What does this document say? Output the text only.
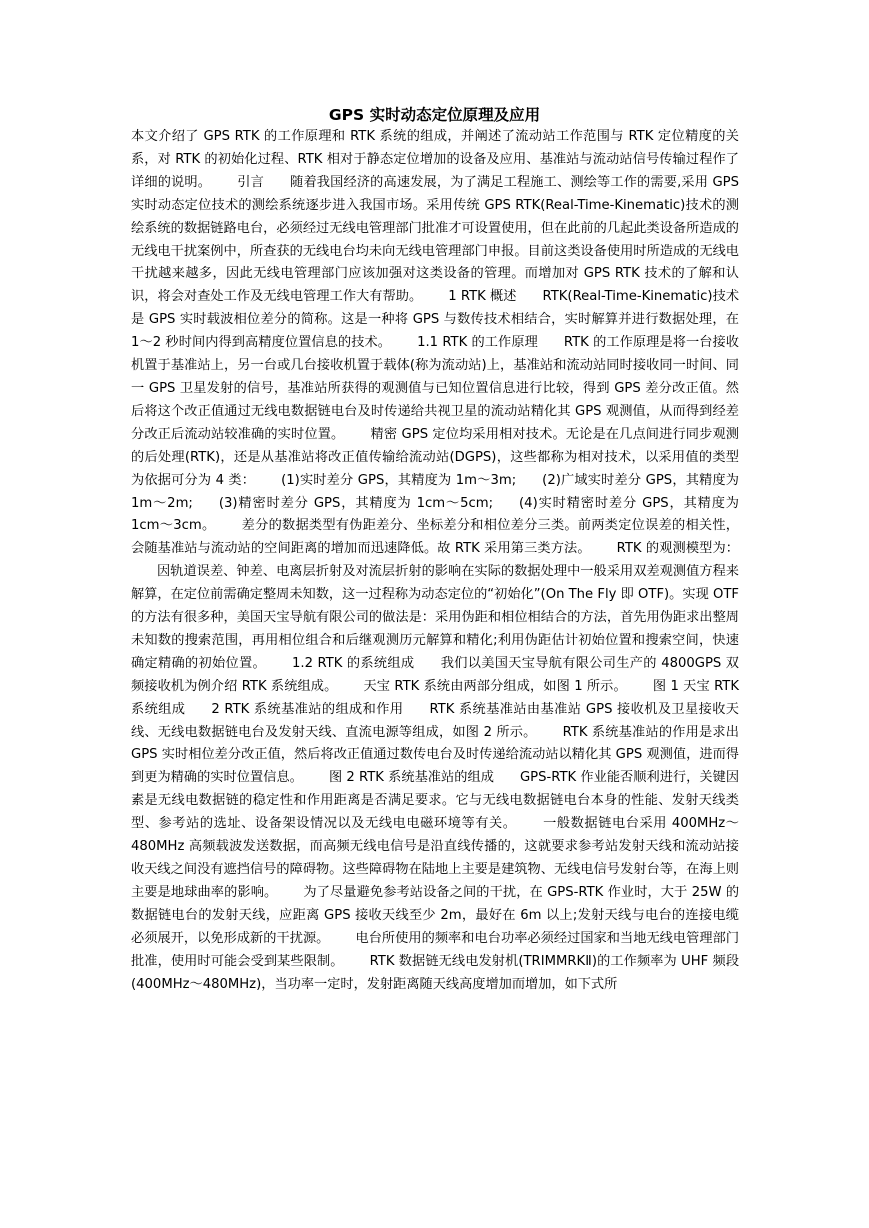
GPS 实时动态定位原理及应用

本文介绍了 GPS RTK 的工作原理和 RTK 系统的组成，并阐述了流动站工作范围与 RTK 定位精度的关系，对 RTK 的初始化过程、RTK 相对于静态定位增加的设备及应用、基准站与流动站信号传输过程作了详细的说明。 引言 随着我国经济的高速发展，为了满足工程施工、测绘等工作的需要,采用 GPS 实时动态定位技术的测绘系统逐步进入我国市场。采用传统 GPS RTK(Real-Time-Kinematic)技术的测绘系统的数据链路电台，必须经过无线电管理部门批准才可设置使用，但在此前的几起此类设备所造成的无线电干扰案例中，所查获的无线电台均未向无线电管理部门申报。目前这类设备使用时所造成的无线电干扰越来越多，因此无线电管理部门应该加强对这类设备的管理。而增加对 GPS RTK 技术的了解和认识，将会对查处工作及无线电管理工作大有帮助。 1 RTK 概述 RTK(Real-Time-Kinematic)技术是 GPS 实时载波相位差分的简称。这是一种将 GPS 与数传技术相结合，实时解算并进行数据处理，在 1～2 秒时间内得到高精度位置信息的技术。 1.1 RTK 的工作原理 RTK 的工作原理是将一台接收机置于基准站上，另一台或几台接收机置于载体(称为流动站)上，基准站和流动站同时接收同一时间、同一 GPS 卫星发射的信号，基准站所获得的观测值与已知位置信息进行比较，得到 GPS 差分改正值。然后将这个改正值通过无线电数据链电台及时传递给共视卫星的流动站精化其 GPS 观测值，从而得到经差分改正后流动站较准确的实时位置。 精密 GPS 定位均采用相对技术。无论是在几点间进行同步观测的后处理(RTK)，还是从基准站将改正值传输给流动站(DGPS)，这些都称为相对技术，以采用值的类型为依据可分为 4 类： (1)实时差分 GPS，其精度为 1m～3m; (2)广域实时差分 GPS，其精度为 1m～2m; (3)精密时差分 GPS，其精度为 1cm～5cm; (4)实时精密时差分 GPS，其精度为 1cm～3cm。 差分的数据类型有伪距差分、坐标差分和相位差分三类。前两类定位误差的相关性，会随基准站与流动站的空间距离的增加而迅速降低。故 RTK 采用第三类方法。 RTK 的观测模型为：因轨道误差、钟差、电离层折射及对流层折射的影响在实际的数据处理中一般采用双差观测值方程来解算，在定位前需确定整周未知数，这一过程称为动态定位的“初始化”(On The Fly 即 OTF)。实现 OTF 的方法有很多种，美国天宝导航有限公司的做法是：采用伪距和相位相结合的方法，首先用伪距求出整周未知数的搜索范围，再用相位组合和后继观测历元解算和精化;利用伪距估计初始位置和搜索空间，快速确定精确的初始位置。 1.2 RTK 的系统组成 我们以美国天宝导航有限公司生产的 4800GPS 双频接收机为例介绍 RTK 系统组成。 天宝 RTK 系统由两部分组成，如图 1 所示。 图 1 天宝 RTK 系统组成 2 RTK 系统基准站的组成和作用 RTK 系统基准站由基准站 GPS 接收机及卫星接收天线、无线电数据链电台及发射天线、直流电源等组成，如图 2 所示。 RTK 系统基准站的作用是求出 GPS 实时相位差分改正值，然后将改正值通过数传电台及时传递给流动站以精化其 GPS 观测值，进而得到更为精确的实时位置信息。 图 2 RTK 系统基准站的组成 GPS-RTK 作业能否顺利进行，关键因素是无线电数据链的稳定性和作用距离是否满足要求。它与无线电数据链电台本身的性能、发射天线类型、参考站的选址、设备架设情况以及无线电电磁环境等有关。 一般数据链电台采用 400MHz～480MHz 高频载波发送数据，而高频无线电信号是沿直线传播的，这就要求参考站发射天线和流动站接收天线之间没有遮挡信号的障碍物。这些障碍物在陆地上主要是建筑物、无线电信号发射台等，在海上则主要是地球曲率的影响。 为了尽量避免参考站设备之间的干扰，在 GPS-RTK 作业时，大于 25W 的数据链电台的发射天线，应距离 GPS 接收天线至少 2m，最好在 6m 以上;发射天线与电台的连接电缆必须展开，以免形成新的干扰源。 电台所使用的频率和电台功率必须经过国家和当地无线电管理部门批准，使用时可能会受到某些限制。 RTK 数据链无线电发射机(TRIMMRKⅡ)的工作频率为 UHF 频段(400MHz～480MHz)，当功率一定时，发射距离随天线高度增加而增加，如下式所
